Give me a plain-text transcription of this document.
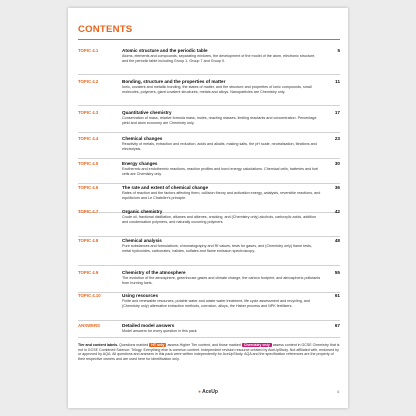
CONTENTS
TOPIC 4.1	Atomic structure and the periodic table
Atoms, elements and compounds, separating mixtures, the development of the model of the atom, electronic structure, and the periodic table including Group 1, Group 7 and Group 0.
5
TOPIC 4.2	Bonding, structure and the properties of matter
Ionic, covalent and metallic bonding, the states of matter, and the structure and properties of ionic compounds, small molecules, polymers, giant covalent structures, metals and alloys. Nanoparticles are Chemistry only.
11
TOPIC 4.3	Quantitative chemistry
Conservation of mass, relative formula mass, moles, reacting masses, limiting reactants and concentration. Percentage yield and atom economy are Chemistry only.
17
TOPIC 4.4	Chemical changes
Reactivity of metals, extraction and reduction, acids and alkalis, making salts, the pH scale, neutralisation, titrations and electrolysis.
23
TOPIC 4.5	Energy changes
Exothermic and endothermic reactions, reaction profiles and bond energy calculations. Chemical cells, batteries and fuel cells are Chemistry only.
30
TOPIC 4.6	The rate and extent of chemical change
Rates of reaction and the factors affecting them, collision theory and activation energy, catalysts, reversible reactions, and equilibrium and Le Chatelier's principle.
36
TOPIC 4.7	Organic chemistry
Crude oil, fractional distillation, alkanes and alkenes, cracking, and (Chemistry only) alcohols, carboxylic acids, addition and condensation polymers, and naturally occurring polymers.
42
TOPIC 4.8	Chemical analysis
Pure substances and formulations, chromatography and Rf values, tests for gases, and (Chemistry only) flame tests, metal hydroxides, carbonates, halides, sulfates and flame emission spectroscopy.
48
TOPIC 4.9	Chemistry of the atmosphere
The evolution of the atmosphere, greenhouse gases and climate change, the carbon footprint, and atmospheric pollutants from burning fuels.
55
TOPIC 4.10	Using resources
Finite and renewable resources, potable water and waste water treatment, life cycle assessment and recycling, and (Chemistry only) alternative extraction methods, corrosion, alloys, the Haber process and NPK fertilisers.
61
ANSWERS	Detailed model answers
Model answers for every question in this pack
67
Tier and content labels. Questions marked HT only assess Higher Tier content, and those marked Chemistry only assess content in GCSE Chemistry that is not in GCSE Combined Science: Trilogy. Everything else is common content. Independent revision resource created by AceUpStudy. Not affiliated with, endorsed by or approved by AQA. All questions and answers in this pack were written independently for AceUpStudy. AQA and the specification references are the property of their respective owners and are used here for identification only.
● AceUp	4
